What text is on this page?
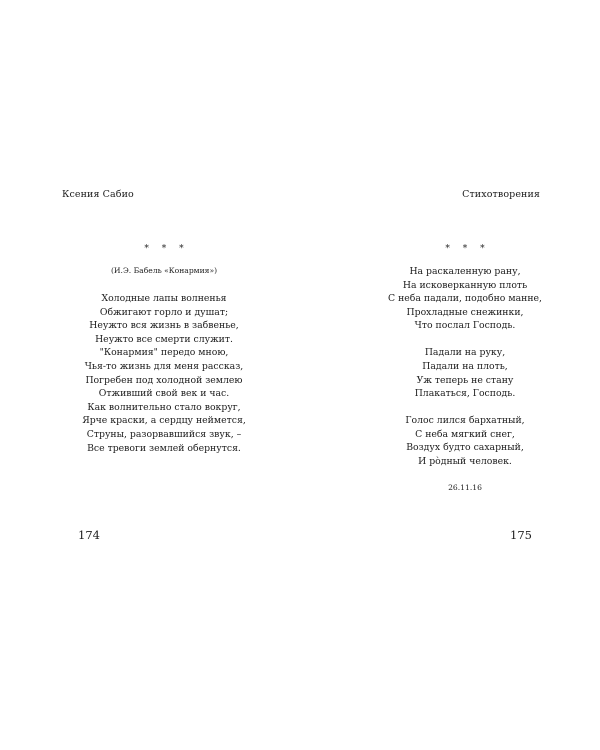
Ксения Сабио
* * *
(И.Э. Бабель «Конармия»)
Холодные лапы волненья
Обжигают горло и душат;
Неужто вся жизнь в забвенье,
Неужто все смерти служит.
"Конармия" передо мною,
Чья-то жизнь для меня рассказ,
Погребен под холодной землею
Отживший свой век и час.
Как волнительно стало вокруг,
Ярче краски, а сердцу неймется,
Струны, разорвавшийся звук, –
Все тревоги землей обернутся.
174
Стихотворения
* * *
На раскаленную рану,
На исковерканную плоть
С неба падали, подобно манне,
Прохладные снежинки,
Что послал Господь.
Падали на руку,
Падали на плоть,
Уж теперь не стану
Плакаться, Господь.
Голос лился бархатный,
С неба мягкий снег,
Воздух будто сахарный,
И рòдный человек.
26.11.16
175
